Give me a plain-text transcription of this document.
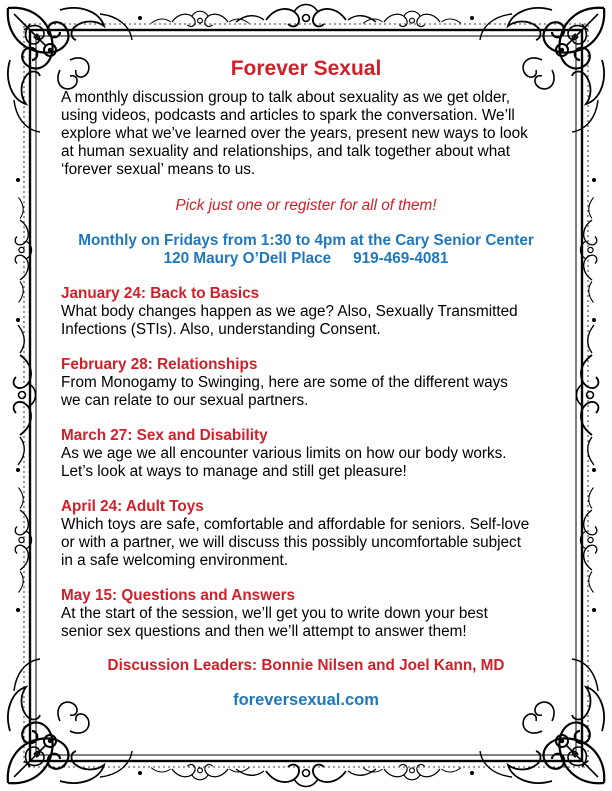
Forever Sexual
A monthly discussion group to talk about sexuality as we get older,
using videos, podcasts and articles to spark the conversation. We’ll
explore what we’ve learned over the years, present new ways to look
at human sexuality and relationships, and talk together about what
‘forever sexual’ means to us.

Pick just one or register for all of them!

Monthly on Fridays from 1:30 to 4pm at the Cary Senior Center
120 Maury O’Dell Place 919-469-4081
January 24: Back to Basics
What body changes happen as we age? Also, Sexually Transmitted
Infections (STIs). Also, understanding Consent.
February 28: Relationships
From Monogamy to Swinging, here are some of the different ways
we can relate to our sexual partners.
March 27: Sex and Disability
As we age we all encounter various limits on how our body works.
Let’s look at ways to manage and still get pleasure!
April 24: Adult Toys
Which toys are safe, comfortable and affordable for seniors. Self-love
or with a partner, we will discuss this possibly uncomfortable subject
in a safe welcoming environment.
May 15: Questions and Answers
At the start of the session, we’ll get you to write down your best
senior sex questions and then we’ll attempt to answer them!
Discussion Leaders: Bonnie Nilsen and Joel Kann, MD
foreversexual.com
